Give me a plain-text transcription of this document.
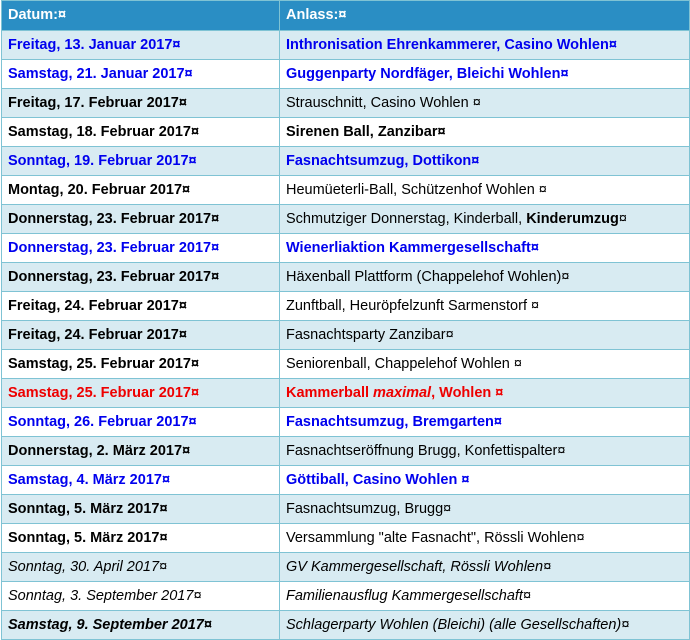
Datum:¤	Anlass:¤
Freitag, 13. Januar 2017¤	Inthronisation Ehrenkammerer, Casino Wohlen¤
Samstag, 21. Januar 2017¤	Guggenparty Nordfäger, Bleichi Wohlen¤
Freitag, 17. Februar 2017¤	Strauschnitt, Casino Wohlen ¤
Samstag, 18. Februar 2017¤	Sirenen Ball, Zanzibar¤
Sonntag, 19. Februar 2017¤	Fasnachtsumzug, Dottikon¤
Montag, 20. Februar 2017¤	Heumüeterli-Ball, Schützenhof Wohlen ¤
Donnerstag, 23. Februar 2017¤	Schmutziger Donnerstag, Kinderball, Kinderumzug¤
Donnerstag, 23. Februar 2017¤	Wienerliaktion Kammergesellschaft¤
Donnerstag, 23. Februar 2017¤	Häxenball Plattform (Chappelehof Wohlen)¤
Freitag, 24. Februar 2017¤	Zunftball, Heuröpfelzunft Sarmenstorf ¤
Freitag, 24. Februar 2017¤	Fasnachtsparty Zanzibar¤
Samstag, 25. Februar 2017¤	Seniorenball, Chappelehof Wohlen ¤
Samstag, 25. Februar 2017¤	Kammerball maximal, Wohlen ¤
Sonntag, 26. Februar 2017¤	Fasnachtsumzug, Bremgarten¤
Donnerstag, 2. März 2017¤	Fasnachtseröffnung Brugg, Konfettispalter¤
Samstag, 4. März 2017¤	Göttiball, Casino Wohlen ¤
Sonntag, 5. März 2017¤	Fasnachtsumzug, Brugg¤
Sonntag, 5. März 2017¤	Versammlung "alte Fasnacht", Rössli Wohlen¤
Sonntag, 30. April 2017¤	GV Kammergesellschaft, Rössli Wohlen¤
Sonntag, 3. September 2017¤	Familienausflug Kammergesellschaft¤
Samstag, 9. September 2017¤	Schlagerparty Wohlen (Bleichi) (alle Gesellschaften)¤
